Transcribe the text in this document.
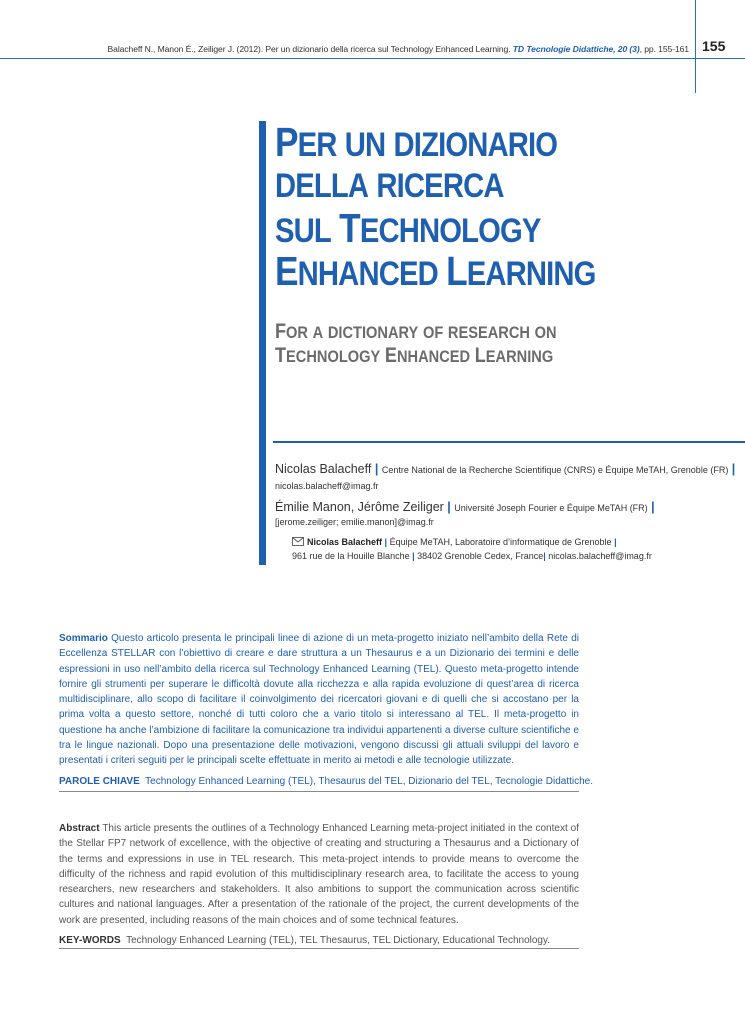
Balacheff N., Manon É., Zeiliger J. (2012). Per un dizionario della ricerca sul Technology Enhanced Learning. TD Tecnologie Didattiche, 20 (3), pp. 155-161 155
PER UN DIZIONARIO
DELLA RICERCA
SUL TECHNOLOGY
ENHANCED LEARNING
FOR A DICTIONARY OF RESEARCH ON
TECHNOLOGY ENHANCED LEARNING
Nicolas Balacheff | Centre National de la Recherche Scientifique (CNRS) e Équipe MeTAH, Grenoble (FR) |
nicolas.balacheff@imag.fr
Émilie Manon, Jérôme Zeiliger | Université Joseph Fourier e Équipe MeTAH (FR) |
[jerome.zeiliger; emilie.manon]@imag.fr
Nicolas Balacheff | Équipe MeTAH, Laboratoire d’informatique de Grenoble |
961 rue de la Houille Blanche | 38402 Grenoble Cedex, France| nicolas.balacheff@imag.fr
Sommario Questo articolo presenta le principali linee di azione di un meta-progetto iniziato nell’ambito della Rete di Eccellenza STELLAR con l’obiettivo di creare e dare struttura a un Thesaurus e a un Dizionario dei termini e delle espressioni in uso nell’ambito della ricerca sul Technology Enhanced Learning (TEL). Questo meta-progetto intende fornire gli strumenti per superare le difficoltà dovute alla ricchezza e alla rapida evoluzione di quest’area di ricerca multidisciplinare, allo scopo di facilitare il coinvolgimento dei ricercatori giovani e di quelli che si accostano per la prima volta a questo settore, nonché di tutti coloro che a vario titolo si interessano al TEL. Il meta-progetto in questione ha anche l’ambizione di facilitare la comunicazione tra individui appartenenti a diverse culture scientifiche e tra le lingue nazionali. Dopo una presentazione delle motivazioni, vengono discussi gli attuali sviluppi del lavoro e presentati i criteri seguiti per le principali scelte effettuate in merito ai metodi e alle tecnologie utilizzate.
PAROLE CHIAVE Technology Enhanced Learning (TEL), Thesaurus del TEL, Dizionario del TEL, Tecnologie Didattiche.
Abstract This article presents the outlines of a Technology Enhanced Learning meta-project initiated in the context of the Stellar FP7 network of excellence, with the objective of creating and structuring a Thesaurus and a Dictionary of the terms and expressions in use in TEL research. This meta-project intends to provide means to overcome the difficulty of the richness and rapid evolution of this multidisciplinary research area, to facilitate the access to young researchers, new researchers and stakeholders. It also ambitions to support the communication across scientific cultures and national languages. After a presentation of the rationale of the project, the current developments of the work are presented, including reasons of the main choices and of some technical features.
KEY-WORDS Technology Enhanced Learning (TEL), TEL Thesaurus, TEL Dictionary, Educational Technology.
